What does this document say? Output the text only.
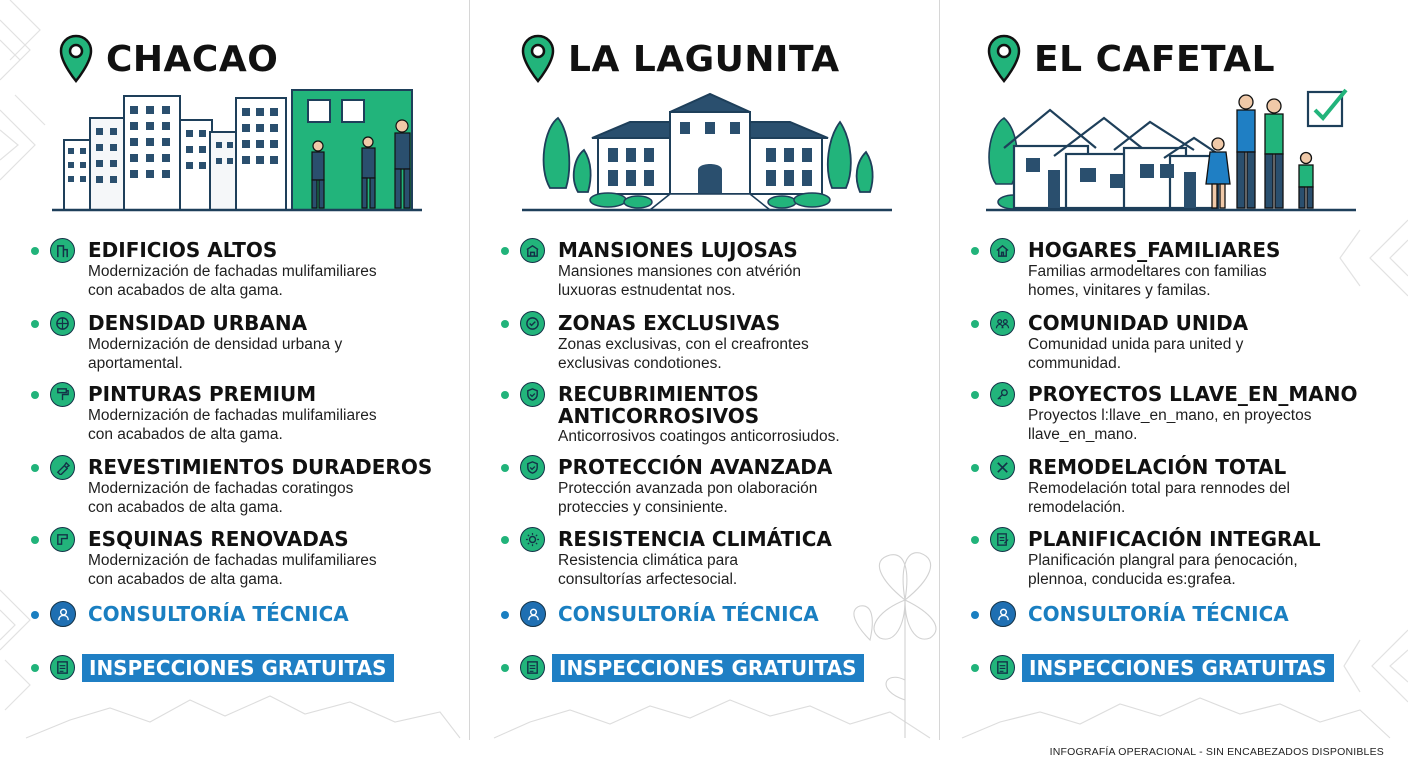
CHACAO
EDIFICIOS ALTOS
Modernización de fachadas mulifamiliares
con acabados de alta gama.
DENSIDAD URBANA
Modernización de densidad urbana y
aportamental.
PINTURAS PREMIUM
Modernización de fachadas mulifamiliares
con acabados de alta gama.
REVESTIMIENTOS DURADEROS
Modernización de fachadas coratingos
con acabados de alta gama.
ESQUINAS RENOVADAS
Modernización de fachadas mulifamiliares
con acabados de alta gama.
CONSULTORÍA TÉCNICA
INSPECCIONES GRATUITAS
LA LAGUNITA
MANSIONES LUJOSAS
Mansiones mansiones con atvérión
luxuoras estnudentat nos.
ZONAS EXCLUSIVAS
Zonas exclusivas, con el creafrontes
exclusivas condotiones.
RECUBRIMIENTOS ANTICORROSIVOS
Anticorrosivos coatingos anticorrosiudos.
PROTECCIÓN AVANZADA
Protección avanzada pon olaboración
proteccies y consiniente.
RESISTENCIA CLIMÁTICA
Resistencia climática para
consultorías arfectesocial.
CONSULTORÍA TÉCNICA
INSPECCIONES GRATUITAS
EL CAFETAL
HOGARES_FAMILIARES
Familias armodeltares con familias
homes, vinitares y familas.
COMUNIDAD UNIDA
Comunidad unida para united y
communidad.
PROYECTOS LLAVE_EN_MANO
Proyectos l:llave_en_mano, en proyectos
llave_en_mano.
REMODELACIÓN TOTAL
Remodelación total para rennodes del
remodelación.
PLANIFICACIÓN INTEGRAL
Planificación plangral para ṕenocación,
plennoa, conducida es:grafea.
CONSULTORÍA TÉCNICA
INSPECCIONES GRATUITAS
INFOGRAFÍA OPERACIONAL - SIN ENCABEZADOS DISPONIBLES
